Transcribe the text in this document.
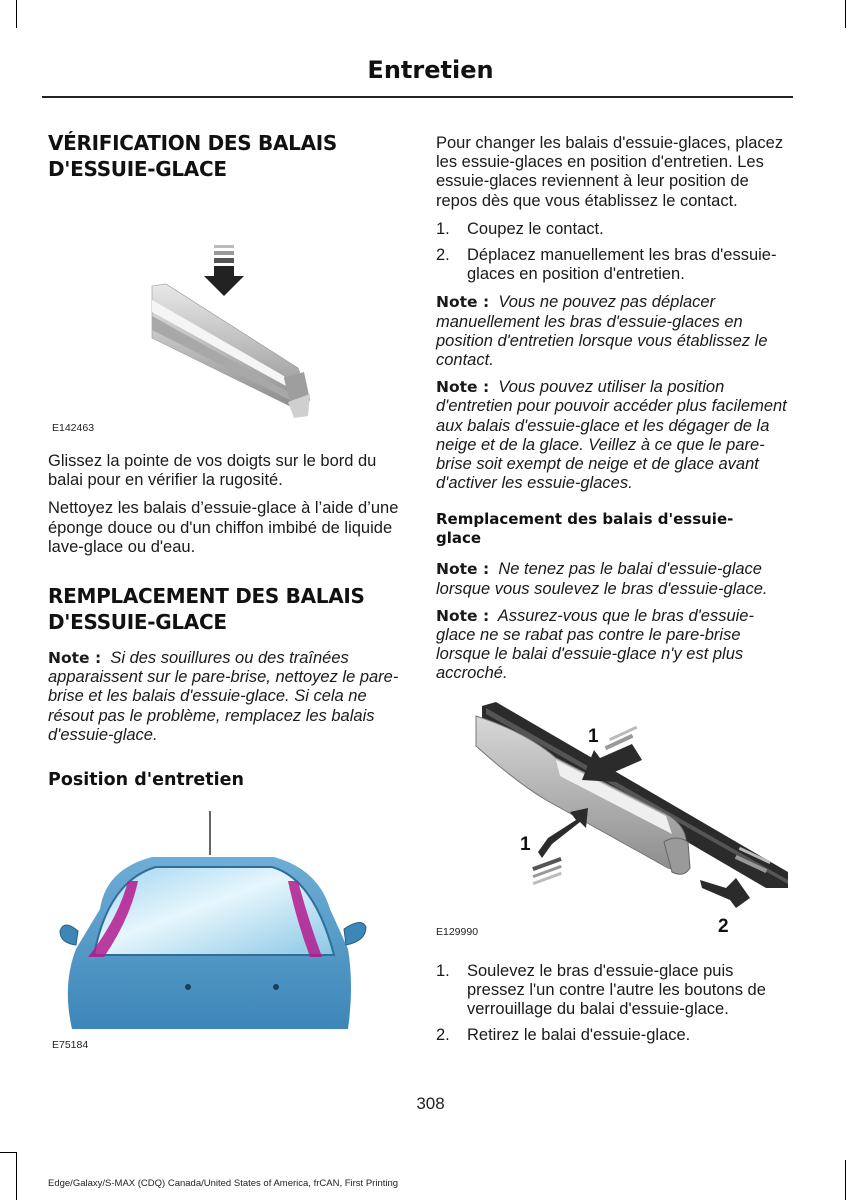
Entretien
VÉRIFICATION DES BALAIS D'ESSUIE-GLACE
E142463

Glissez la pointe de vos doigts sur le bord du balai pour en vérifier la rugosité.

Nettoyez les balais d’essuie-glace à l’aide d’une éponge douce ou d'un chiffon imbibé de liquide lave-glace ou d'eau.

REMPLACEMENT DES BALAIS D'ESSUIE-GLACE

Note : Si des souillures ou des traînées apparaissent sur le pare-brise, nettoyez le pare-brise et les balais d'essuie-glace. Si cela ne résout pas le problème, remplacez les balais d'essuie-glace.

Position d'entretien
E75184

Pour changer les balais d'essuie-glaces, placez les essuie-glaces en position d'entretien. Les essuie-glaces reviennent à leur position de repos dès que vous établissez le contact.

1. Coupez le contact.
2. Déplacez manuellement les bras d'essuie-glaces en position d'entretien.

Note : Vous ne pouvez pas déplacer manuellement les bras d'essuie-glaces en position d'entretien lorsque vous établissez le contact.

Note : Vous pouvez utiliser la position d'entretien pour pouvoir accéder plus facilement aux balais d'essuie-glace et les dégager de la neige et de la glace. Veillez à ce que le pare-brise soit exempt de neige et de glace avant d'activer les essuie-glaces.

Remplacement des balais d'essuie-glace

Note : Ne tenez pas le balai d'essuie-glace lorsque vous soulevez le bras d'essuie-glace.

Note : Assurez-vous que le bras d'essuie-glace ne se rabat pas contre le pare-brise lorsque le balai d'essuie-glace n'y est plus accroché.

1
1
2
E129990
1. Soulevez le bras d'essuie-glace puis pressez l'un contre l'autre les boutons de verrouillage du balai d'essuie-glace.
2. Retirez le balai d'essuie-glace.
308
Edge/Galaxy/S-MAX (CDQ) Canada/United States of America, frCAN, First Printing
